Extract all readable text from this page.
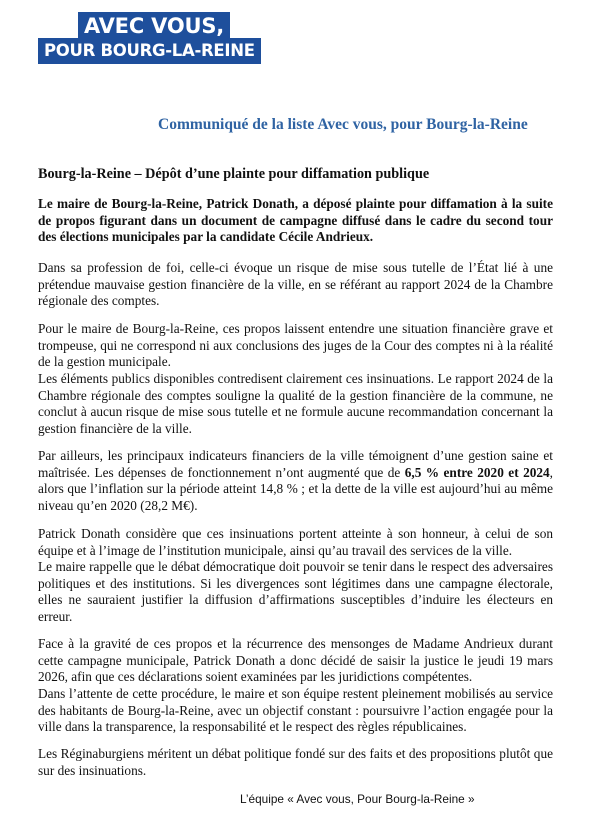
AVEC VOUS,
POUR BOURG-LA-REINE
Communiqué de la liste Avec vous, pour Bourg-la-Reine
Bourg-la-Reine – Dépôt d’une plainte pour diffamation publique

Le maire de Bourg-la-Reine, Patrick Donath, a déposé plainte pour diffamation à la suite de propos figurant dans un document de campagne diffusé dans le cadre du second tour des élections municipales par la candidate Cécile Andrieux.

Dans sa profession de foi, celle-ci évoque un risque de mise sous tutelle de l’État lié à une prétendue mauvaise gestion financière de la ville, en se référant au rapport 2024 de la Chambre régionale des comptes.

Pour le maire de Bourg-la-Reine, ces propos laissent entendre une situation financière grave et trompeuse, qui ne correspond ni aux conclusions des juges de la Cour des comptes ni à la réalité de la gestion municipale.

Les éléments publics disponibles contredisent clairement ces insinuations. Le rapport 2024 de la Chambre régionale des comptes souligne la qualité de la gestion financière de la commune, ne conclut à aucun risque de mise sous tutelle et ne formule aucune recommandation concernant la gestion financière de la ville.

Par ailleurs, les principaux indicateurs financiers de la ville témoignent d’une gestion saine et maîtrisée. Les dépenses de fonctionnement n’ont augmenté que de 6,5 % entre 2020 et 2024, alors que l’inflation sur la période atteint 14,8 % ; et la dette de la ville est aujourd’hui au même niveau qu’en 2020 (28,2 M€).

Patrick Donath considère que ces insinuations portent atteinte à son honneur, à celui de son équipe et à l’image de l’institution municipale, ainsi qu’au travail des services de la ville.

Le maire rappelle que le débat démocratique doit pouvoir se tenir dans le respect des adversaires politiques et des institutions. Si les divergences sont légitimes dans une campagne électorale, elles ne sauraient justifier la diffusion d’affirmations susceptibles d’induire les électeurs en erreur.

Face à la gravité de ces propos et la récurrence des mensonges de Madame Andrieux durant cette campagne municipale, Patrick Donath a donc décidé de saisir la justice le jeudi 19 mars 2026, afin que ces déclarations soient examinées par les juridictions compétentes.

Dans l’attente de cette procédure, le maire et son équipe restent pleinement mobilisés au service des habitants de Bourg-la-Reine, avec un objectif constant : poursuivre l’action engagée pour la ville dans la transparence, la responsabilité et le respect des règles républicaines.

Les Réginaburgiens méritent un débat politique fondé sur des faits et des propositions plutôt que sur des insinuations.

L’équipe « Avec vous, Pour Bourg-la-Reine »
